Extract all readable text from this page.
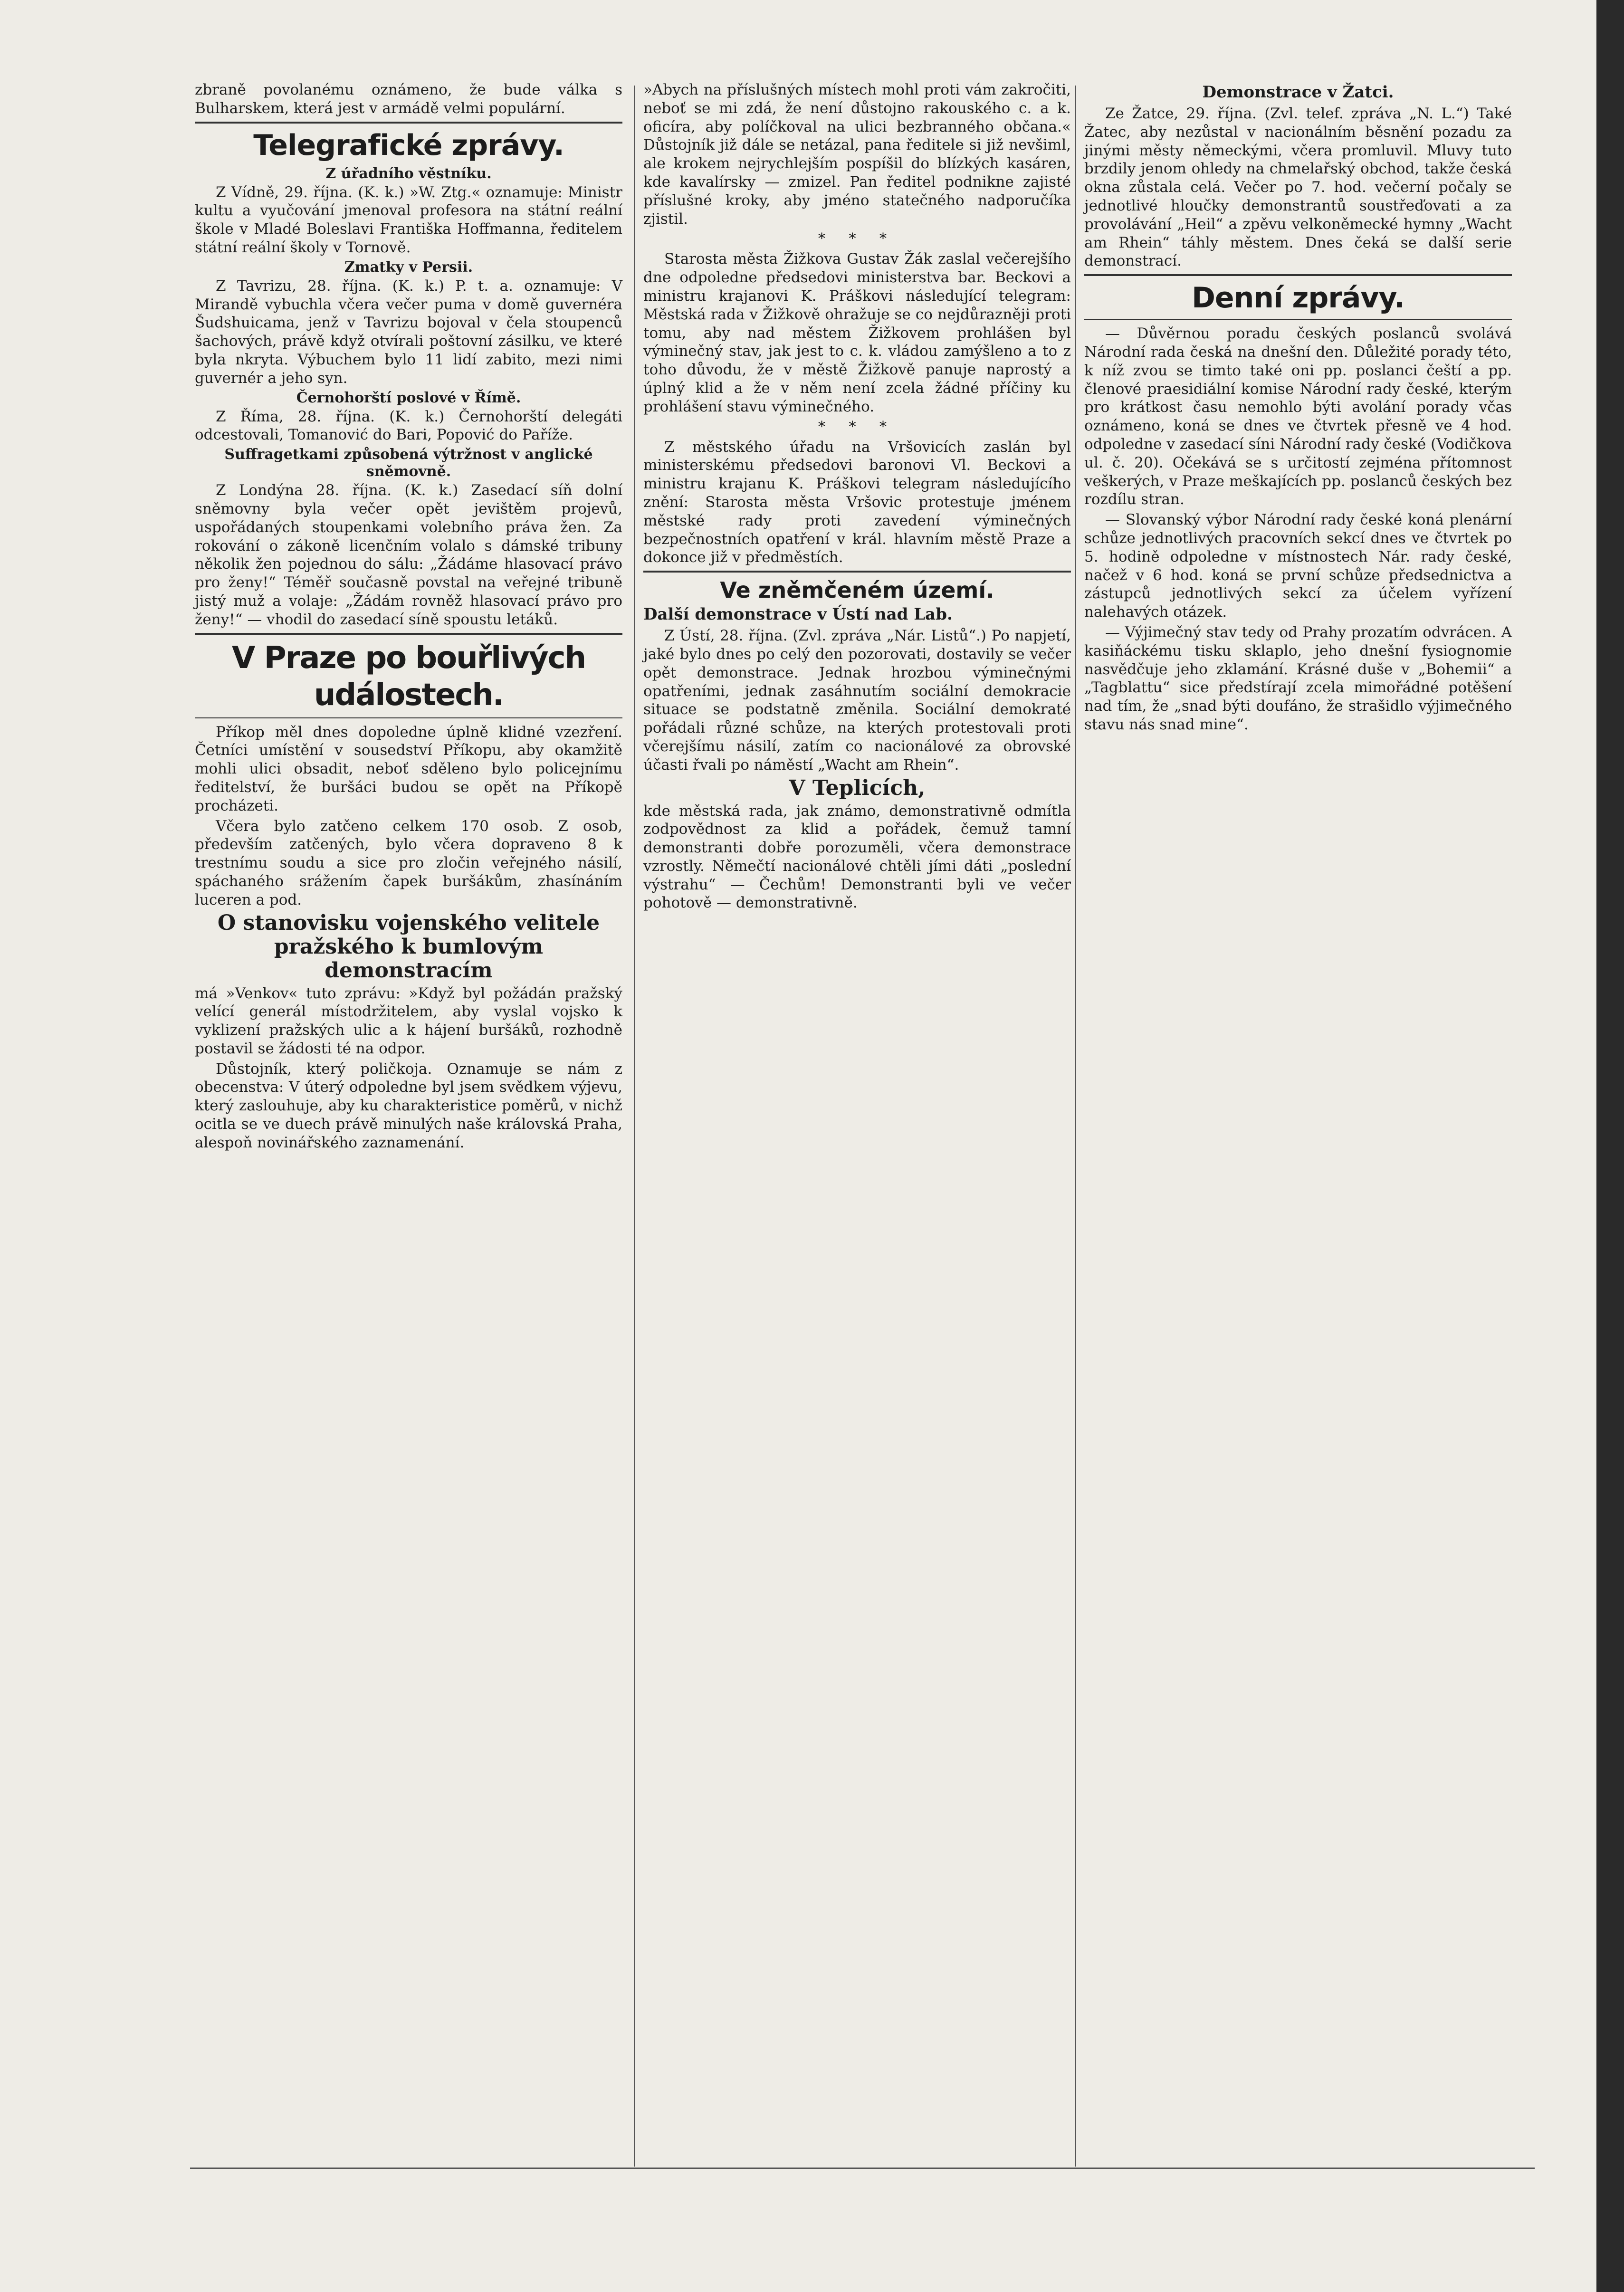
zbraně povolanému oznámeno, že bude válka s Bulharskem, která jest v armádě velmi populární.

Telegrafické zprávy.
Z úřadního věstníku.

Z Vídně, 29. října. (K. k.) »W. Ztg.« oznamuje: Ministr kultu a vyučování jmenoval profesora na státní reální škole v Mladé Boleslavi Františka Hoffmanna, ředitelem státní reální školy v Tornově.

Zmatky v Persii.

Z Tavrizu, 28. října. (K. k.) P. t. a. oznamuje: V Mirandě vybuchla včera večer puma v domě guvernéra Šudshuicama, jenž v Tavrizu bojoval v čela stoupenců šachových, právě když otvírali poštovní zásilku, ve které byla nkryta. Výbuchem bylo 11 lidí zabito, mezi nimi guvernér a jeho syn.

Černohorští poslové v Římě.

Z Říma, 28. října. (K. k.) Černohorští delegáti odcestovali, Tomanović do Bari, Popović do Paříže.

Suffragetkami způsobená výtržnost v anglické sněmovně.

Z Londýna 28. října. (K. k.) Zasedací síň dolní sněmovny byla večer opět jevištěm projevů, uspořádaných stoupenkami volebního práva žen. Za rokování o zákoně licenčním volalo s dámské tribuny několik žen pojednou do sálu: „Žádáme hlasovací právo pro ženy!“ Téměř současně povstal na veřejné tribuně jistý muž a volaje: „Žádám rovněž hlasovací právo pro ženy!“ — vhodil do zasedací síně spoustu letáků.

V Praze po bouřlivých událostech.

Příkop měl dnes dopoledne úplně klidné vzezření. Četníci umístění v sousedství Příkopu, aby okamžitě mohli ulici obsadit, neboť sděleno bylo policejnímu ředitelství, že buršáci budou se opět na Příkopě procházeti.

Včera bylo zatčeno celkem 170 osob. Z osob, především zatčených, bylo včera dopraveno 8 k trestnímu soudu a sice pro zločin veřejného násilí, spáchaného srážením čapek buršákům, zhasínáním luceren a pod.

O stanovisku vojenského velitele pražského k bumlovým demonstracím

má »Venkov« tuto zprávu: »Když byl požádán pražský velící generál místodržitelem, aby vyslal vojsko k vyklizení pražských ulic a k hájení buršáků, rozhodně postavil se žádosti té na odpor.

Důstojník, který poličkoja. Oznamuje se nám z obecenstva: V úterý odpoledne byl jsem svědkem výjevu, který zaslouhuje, aby ku charakteristice poměrů, v nichž ocitla se ve duech právě minulých naše královská Praha, alespoň novinářského zaznamenání.

»Abych na příslušných místech mohl proti vám zakročiti, neboť se mi zdá, že není důstojno rakouského c. a k. oficíra, aby políčkoval na ulici bezbranného občana.« Důstojník již dále se netázal, pana ředitele si již nevšiml, ale krokem nejrychlejším pospíšil do blízkých kasáren, kde kavalírsky — zmizel. Pan ředitel podnikne zajisté příslušné kroky, aby jméno statečného nadporučíka zjistil.

* * *

Starosta města Žižkova Gustav Žák zaslal večerejšího dne odpoledne předsedovi ministerstva bar. Beckovi a ministru krajanovi K. Práškovi následující telegram: Městská rada v Žižkově ohražuje se co nejdůrazněji proti tomu, aby nad městem Žižkovem prohlášen byl výminečný stav, jak jest to c. k. vládou zamýšleno a to z toho důvodu, že v městě Žižkově panuje naprostý a úplný klid a že v něm není zcela žádné příčiny ku prohlášení stavu výminečného.

* * *

Z městského úřadu na Vršovicích zaslán byl ministerskému předsedovi baronovi Vl. Beckovi a ministru krajanu K. Práškovi telegram následujícího znění: Starosta města Vršovic protestuje jménem městské rady proti zavedení výminečných bezpečnostních opatření v král. hlavním městě Praze a dokonce již v předměstích.

Ve zněmčeném území.
Další demonstrace v Ústí nad Lab.

Z Ústí, 28. října. (Zvl. zpráva „Nár. Listů“.) Po napjetí, jaké bylo dnes po celý den pozorovati, dostavily se večer opět demonstrace. Jednak hrozbou výminečnými opatřeními, jednak zasáhnutím sociální demokracie situace se podstatně změnila. Sociální demokraté pořádali různé schůze, na kterých protestovali proti včerejšímu násilí, zatím co nacionálové za obrovské účasti řvali po náměstí „Wacht am Rhein“.

V Teplicích,

kde městská rada, jak známo, demonstrativně odmítla zodpovědnost za klid a pořádek, čemuž tamní demonstranti dobře porozuměli, včera demonstrace vzrostly. Němečtí nacionálové chtěli jími dáti „poslední výstrahu“ — Čechům! Demonstranti byli ve večer pohotově — demonstrativně.

Demonstrace v Žatci.

Ze Žatce, 29. října. (Zvl. telef. zpráva „N. L.“) Také Žatec, aby nezůstal v nacionálním běsnění pozadu za jinými městy německými, včera promluvil. Mluvy tuto brzdily jenom ohledy na chmelařský obchod, takže česká okna zůstala celá. Večer po 7. hod. večerní počaly se jednotlivé hloučky demonstrantů soustřeďovati a za provolávání „Heil“ a zpěvu velkoněmecké hymny „Wacht am Rhein“ táhly městem. Dnes čeká se další serie demonstrací.

Denní zprávy.

— Důvěrnou poradu českých poslanců svolává Národní rada česká na dnešní den. Důležité porady této, k níž zvou se timto také oni pp. poslanci čeští a pp. členové praesidiální komise Národní rady české, kterým pro krátkost času nemohlo býti avolání porady včas oznámeno, koná se dnes ve čtvrtek přesně ve 4 hod. odpoledne v zasedací síni Národní rady české (Vodičkova ul. č. 20). Očekává se s určitostí zejména přítomnost veškerých, v Praze meškajících pp. poslanců českých bez rozdílu stran.

— Slovanský výbor Národní rady české koná plenární schůze jednotlivých pracovních sekcí dnes ve čtvrtek po 5. hodině odpoledne v místnostech Nár. rady české, načež v 6 hod. koná se první schůze předsednictva a zástupců jednotlivých sekcí za účelem vyřízení nalehavých otázek.

— Výjimečný stav tedy od Prahy prozatím odvrácen. A kasiňáckému tisku sklaplo, jeho dnešní fysiognomie nasvědčuje jeho zklamání. Krásné duše v „Bohemii“ a „Tagblattu“ sice předstírají zcela mimořádné potěšení nad tím, že „snad býti doufáno, že strašidlo výjimečného stavu nás snad mine“.
